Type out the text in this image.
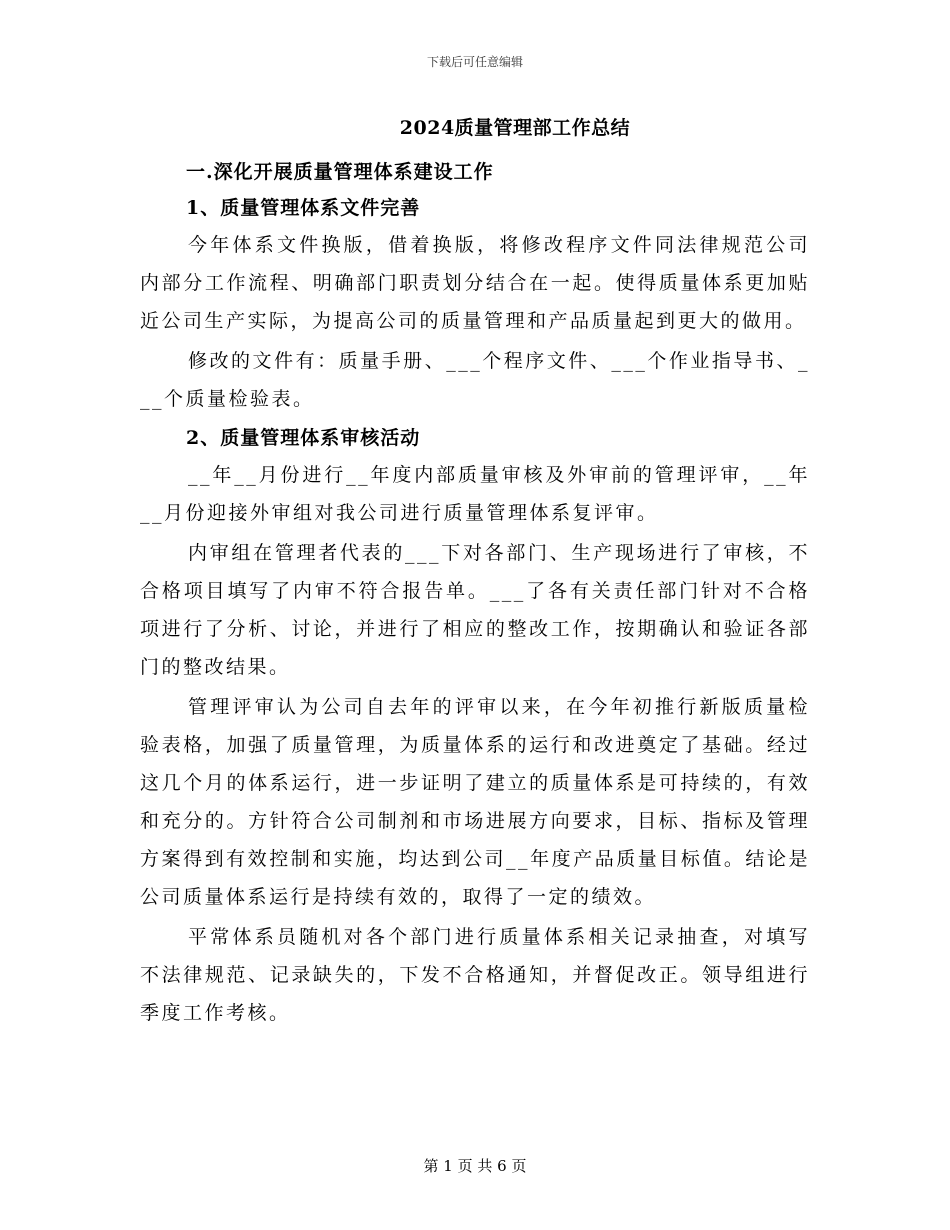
下载后可任意编辑
2024质量管理部工作总结
一.深化开展质量管理体系建设工作
1、质量管理体系文件完善

今年体系文件换版，借着换版，将修改程序文件同法律规范公司内部分工作流程、明确部门职责划分结合在一起。使得质量体系更加贴近公司生产实际，为提高公司的质量管理和产品质量起到更大的做用。

修改的文件有：质量手册、___个程序文件、___个作业指导书、___个质量检验表。

2、质量管理体系审核活动

__年__月份进行__年度内部质量审核及外审前的管理评审，__年__月份迎接外审组对我公司进行质量管理体系复评审。

内审组在管理者代表的___下对各部门、生产现场进行了审核，不合格项目填写了内审不符合报告单。___了各有关责任部门针对不合格项进行了分析、讨论，并进行了相应的整改工作，按期确认和验证各部门的整改结果。

管理评审认为公司自去年的评审以来，在今年初推行新版质量检验表格，加强了质量管理，为质量体系的运行和改进奠定了基础。经过这几个月的体系运行，进一步证明了建立的质量体系是可持续的，有效和充分的。方针符合公司制剂和市场进展方向要求，目标、指标及管理方案得到有效控制和实施，均达到公司__年度产品质量目标值。结论是公司质量体系运行是持续有效的，取得了一定的绩效。

平常体系员随机对各个部门进行质量体系相关记录抽查，对填写不法律规范、记录缺失的，下发不合格通知，并督促改正。领导组进行季度工作考核。

第 1 页 共 6 页
